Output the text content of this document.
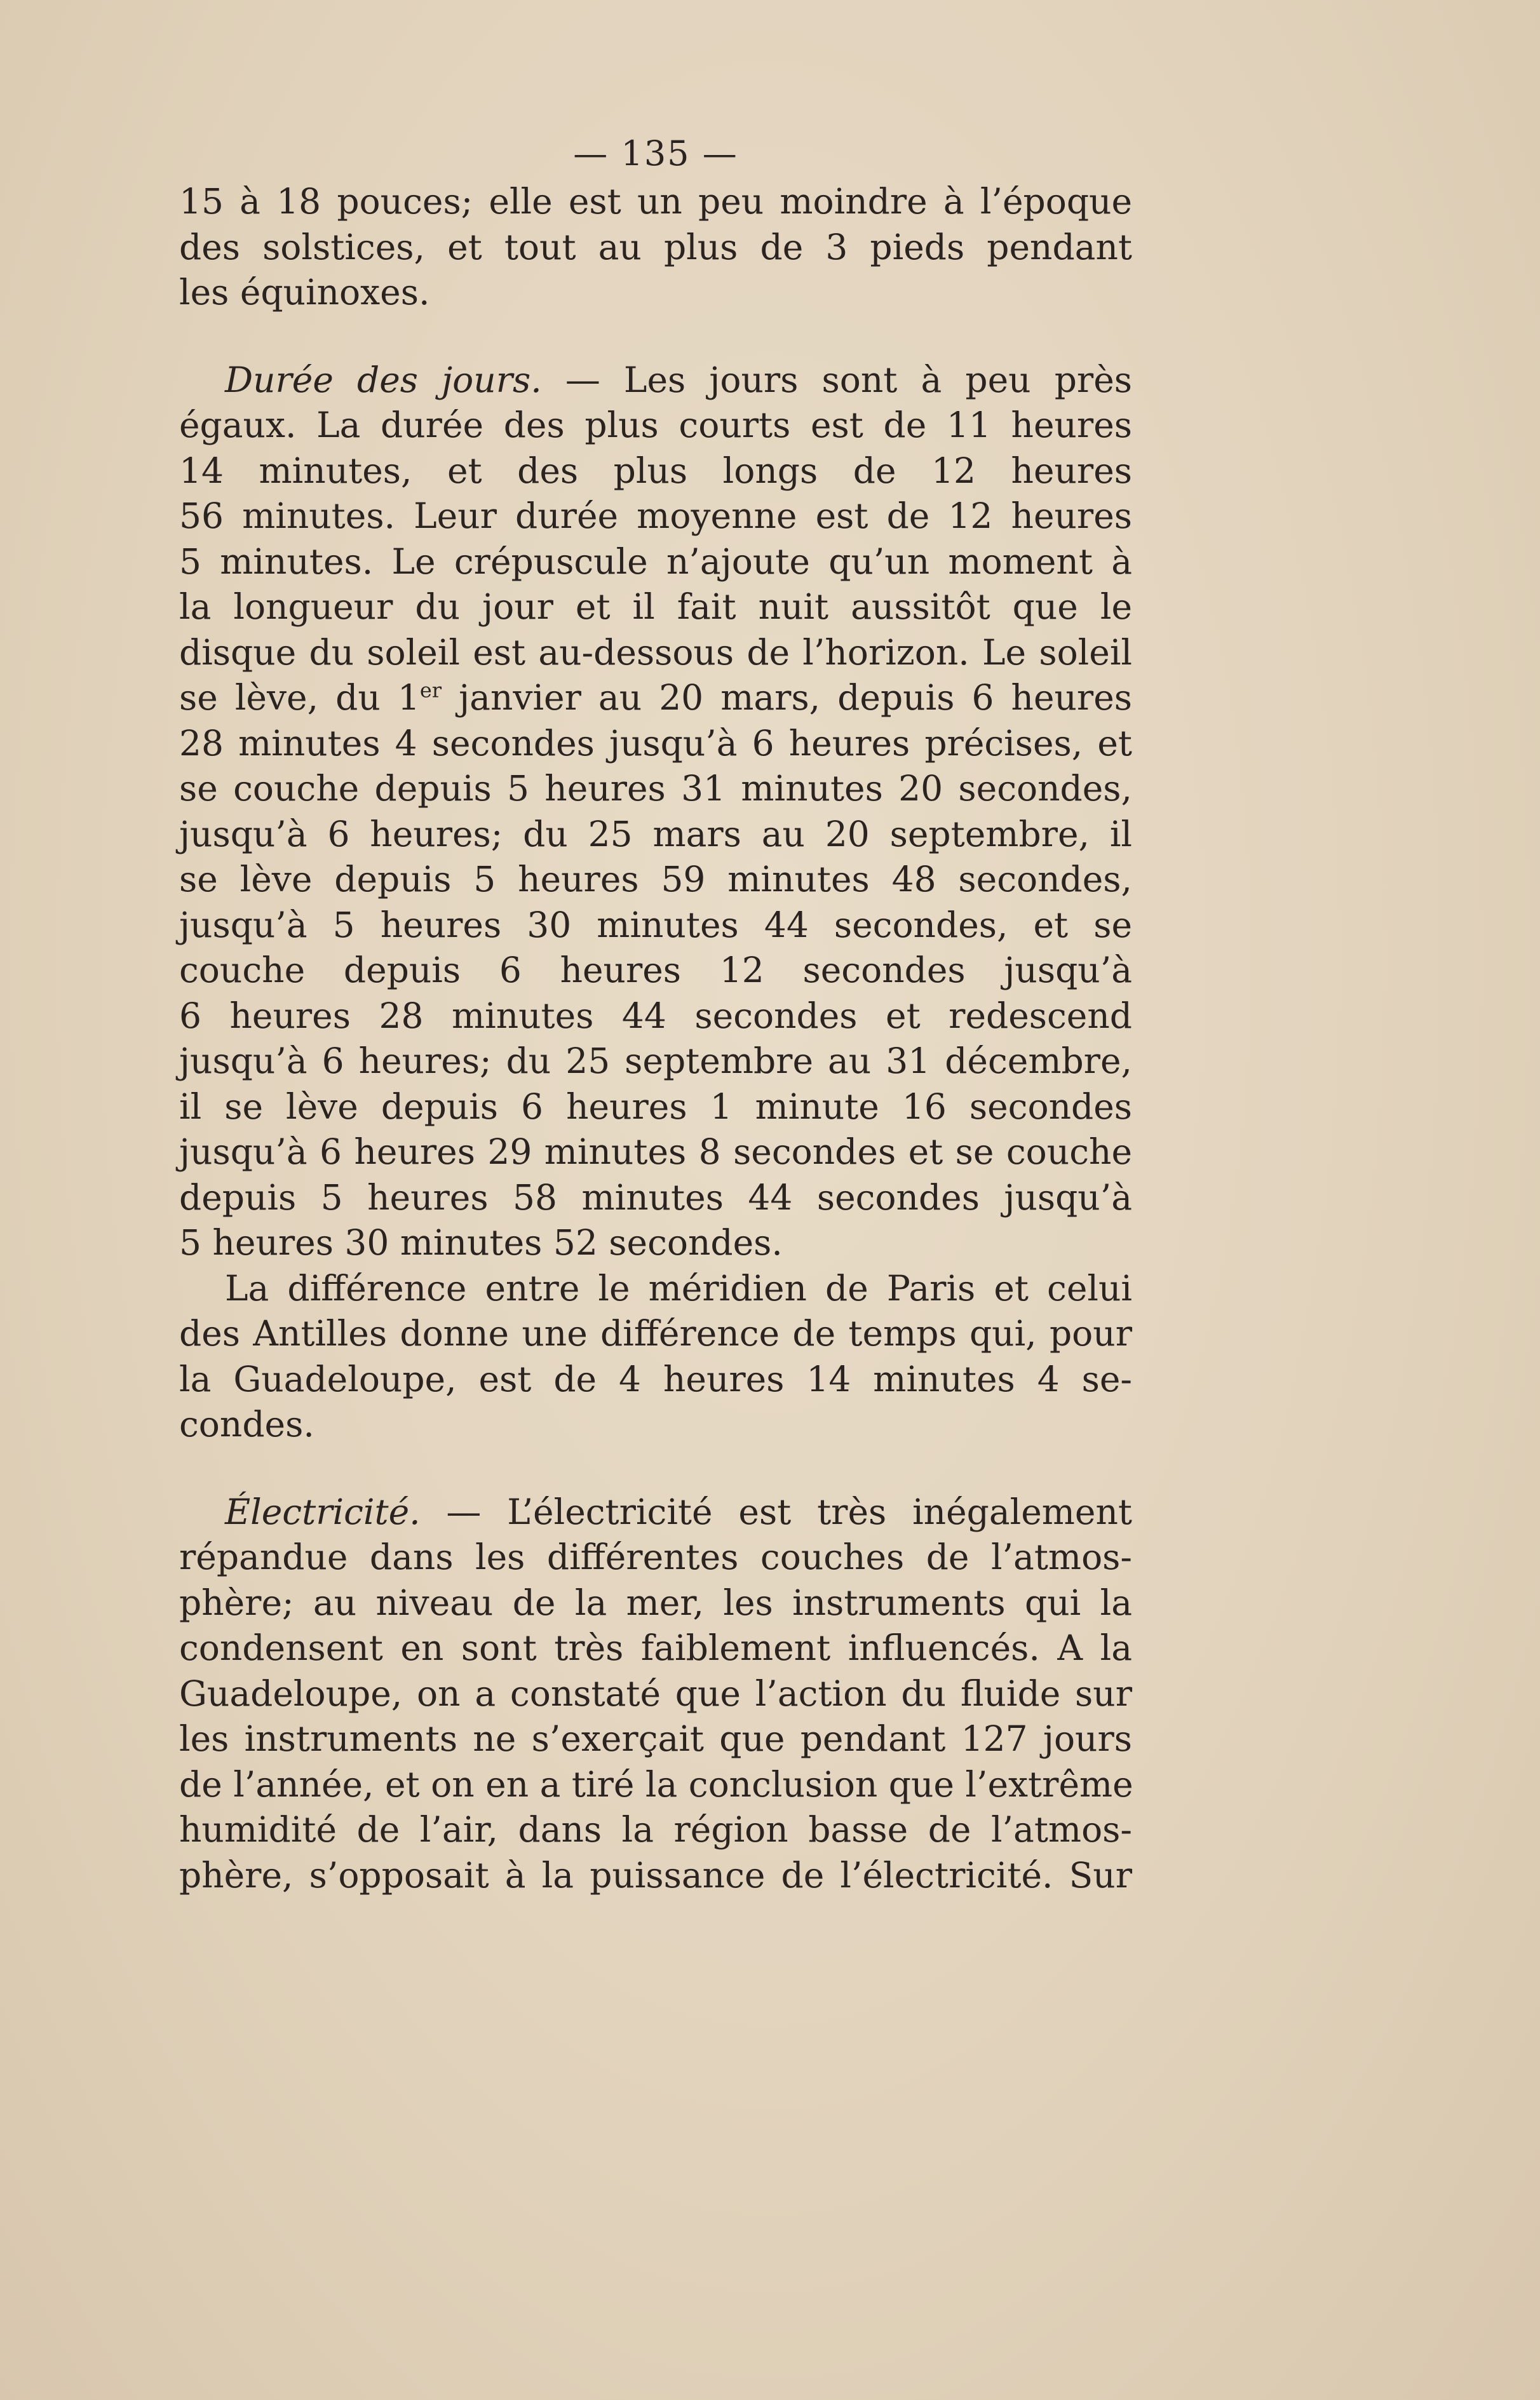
— 135 —
15 à 18 pouces; elle est un peu moindre à l’époque
des solstices, et tout au plus de 3 pieds pendant
les équinoxes.
Durée des jours. — Les jours sont à peu près
égaux. La durée des plus courts est de 11 heures
14 minutes, et des plus longs de 12 heures
56 minutes. Leur durée moyenne est de 12 heures
5 minutes. Le crépuscule n’ajoute qu’un moment à
la longueur du jour et il fait nuit aussitôt que le
disque du soleil est au-dessous de l’horizon. Le soleil
se lève, du 1er janvier au 20 mars, depuis 6 heures
28 minutes 4 secondes jusqu’à 6 heures précises, et
se couche depuis 5 heures 31 minutes 20 secondes,
jusqu’à 6 heures; du 25 mars au 20 septembre, il
se lève depuis 5 heures 59 minutes 48 secondes,
jusqu’à 5 heures 30 minutes 44 secondes, et se
couche depuis 6 heures 12 secondes jusqu’à
6 heures 28 minutes 44 secondes et redescend
jusqu’à 6 heures; du 25 septembre au 31 décembre,
il se lève depuis 6 heures 1 minute 16 secondes
jusqu’à 6 heures 29 minutes 8 secondes et se couche
depuis 5 heures 58 minutes 44 secondes jusqu’à
5 heures 30 minutes 52 secondes.
La différence entre le méridien de Paris et celui
des Antilles donne une différence de temps qui, pour
la Guadeloupe, est de 4 heures 14 minutes 4 se-
condes.
Électricité. — L’électricité est très inégalement
répandue dans les différentes couches de l’atmos-
phère; au niveau de la mer, les instruments qui la
condensent en sont très faiblement influencés. A la
Guadeloupe, on a constaté que l’action du fluide sur
les instruments ne s’exerçait que pendant 127 jours
de l’année, et on en a tiré la conclusion que l’extrême
humidité de l’air, dans la région basse de l’atmos-
phère, s’opposait à la puissance de l’électricité. Sur
